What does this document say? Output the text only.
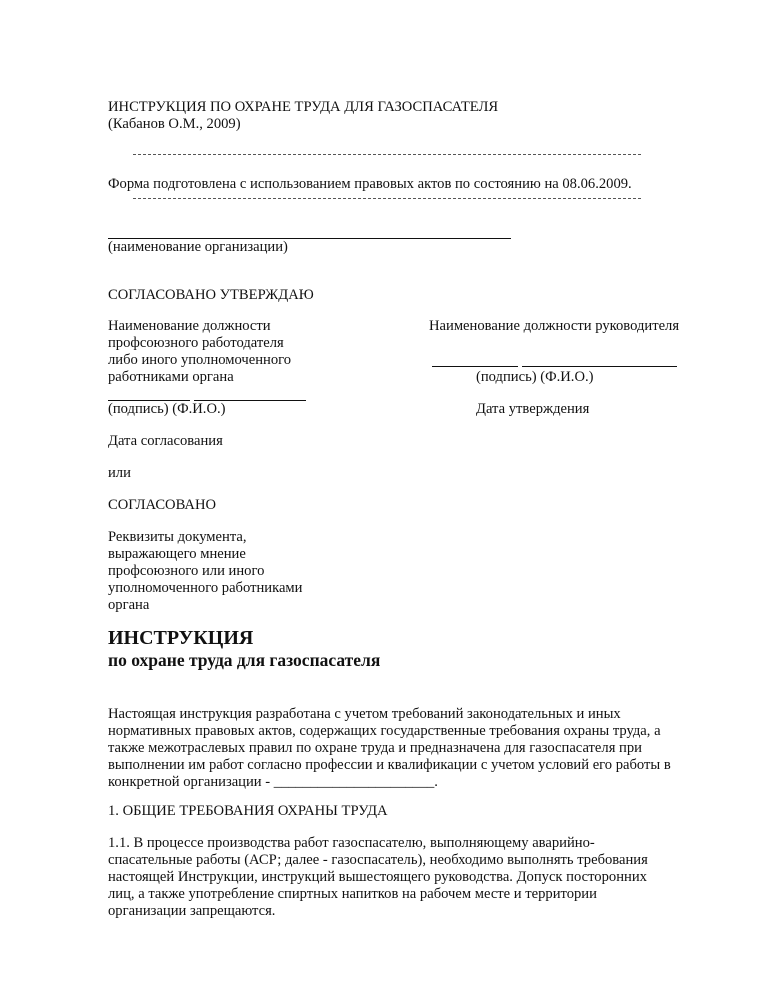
ИНСТРУКЦИЯ ПО ОХРАНЕ ТРУДА ДЛЯ ГАЗОСПАСАТЕЛЯ
(Кабанов О.М., 2009)
Форма подготовлена с использованием правовых актов по состоянию на 08.06.2009.
(наименование организации)
СОГЛАСОВАНО УТВЕРЖДАЮ
Наименование должности
профсоюзного работодателя
либо иного уполномоченного
работниками органа

(подпись) (Ф.И.О.)
Дата согласования
Наименование должности руководителя

(подпись) (Ф.И.О.)
Дата утверждения
или
СОГЛАСОВАНО
Реквизиты документа,
выражающего мнение
профсоюзного или иного
уполномоченного работниками
органа
ИНСТРУКЦИЯ
по охране труда для газоспасателя
Настоящая инструкция разработана с учетом требований законодательных и иных
нормативных правовых актов, содержащих государственные требования охраны труда, а
также межотраслевых правил по охране труда и предназначена для газоспасателя при
выполнении им работ согласно профессии и квалификации с учетом условий его работы в
конкретной организации - ______________________.
1. ОБЩИЕ ТРЕБОВАНИЯ ОХРАНЫ ТРУДА
1.1. В процессе производства работ газоспасателю, выполняющему аварийно-
спасательные работы (АСР; далее - газоспасатель), необходимо выполнять требования
настоящей Инструкции, инструкций вышестоящего руководства. Допуск посторонних
лиц, а также употребление спиртных напитков на рабочем месте и территории
организации запрещаются.
